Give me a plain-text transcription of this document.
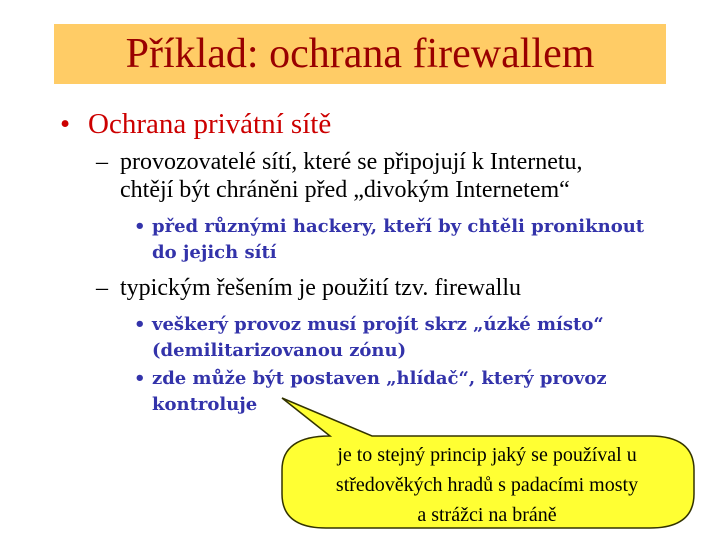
Příklad: ochrana firewallem
• Ochrana privátní sítě
– provozovatelé sítí, které se připojují k Internetu,
chtějí být chráněni před „divokým Internetem“
• před různými hackery, kteří by chtěli proniknout
do jejich sítí
– typickým řešením je použití tzv. firewallu
• veškerý provoz musí projít skrz „úzké místo“
(demilitarizovanou zónu)
• zde může být postaven „hlídač“, který provoz
kontroluje
je to stejný princip jaký se používal u
středověkých hradů s padacími mosty
a strážci na bráně
